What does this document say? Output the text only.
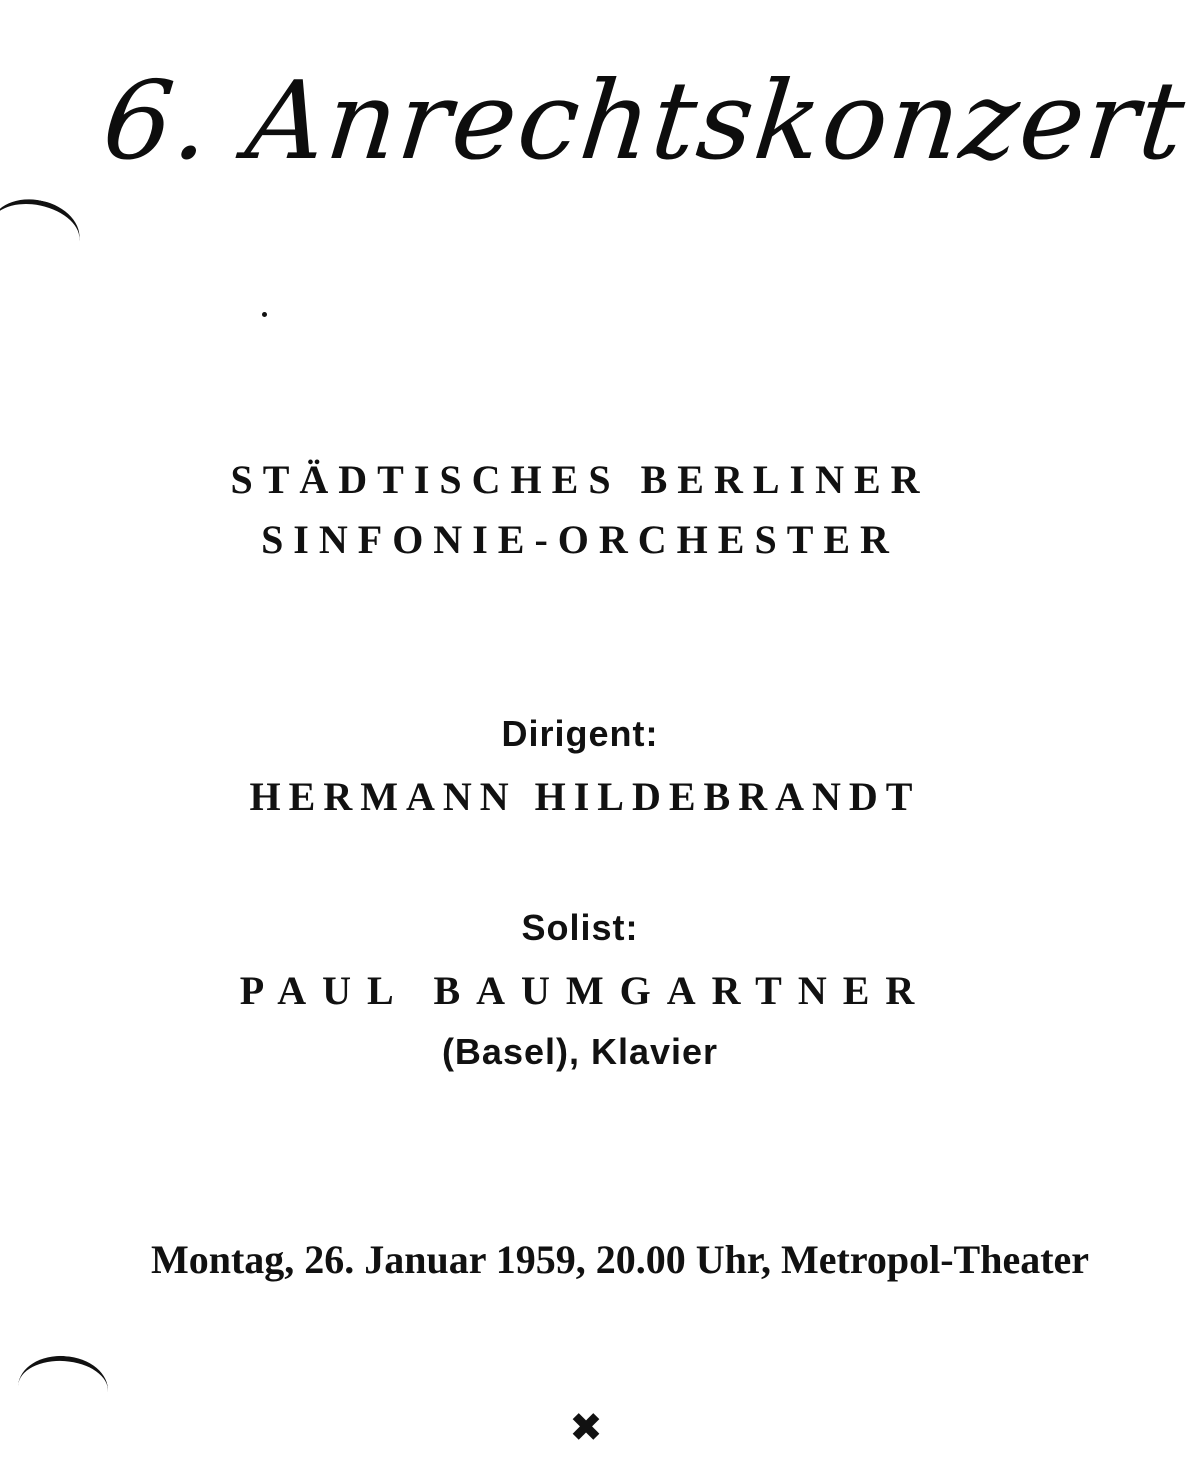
6. Anrechtskonzert
STÄDTISCHES BERLINER
SINFONIE-ORCHESTER
Dirigent:
HERMANN HILDEBRANDT
Solist:
PAUL BAUMGARTNER
(Basel), Klavier
Montag, 26. Januar 1959, 20.00 Uhr, Metropol-Theater
✖
